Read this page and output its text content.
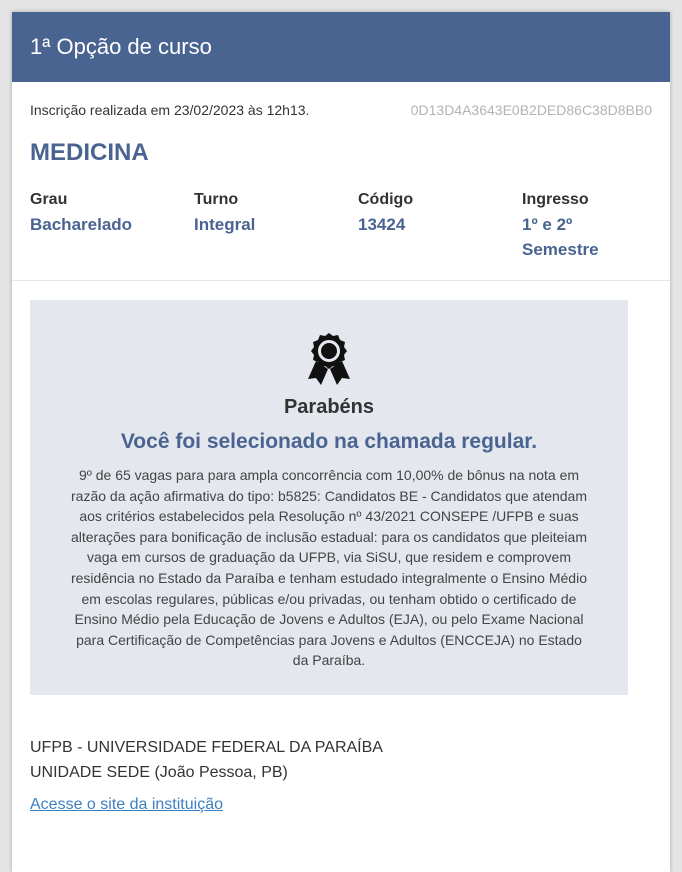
1ª Opção de curso
Inscrição realizada em 23/02/2023 às 12h13.	0D13D4A3643E0B2DED86C38D8BB0
MEDICINA
Grau
Bacharelado
Turno
Integral
Código
13424
Ingresso
1º e 2º Semestre
Parabéns
Você foi selecionado na chamada regular.
9º de 65 vagas para para ampla concorrência com 10,00% de bônus na nota em razão da ação afirmativa do tipo: b5825: Candidatos BE - Candidatos que atendam aos critérios estabelecidos pela Resolução nº 43/2021 CONSEPE /UFPB e suas alterações para bonificação de inclusão estadual: para os candidatos que pleiteiam vaga em cursos de graduação da UFPB, via SiSU, que residem e comprovem residência no Estado da Paraíba e tenham estudado integralmente o Ensino Médio em escolas regulares, públicas e/ou privadas, ou tenham obtido o certificado de Ensino Médio pela Educação de Jovens e Adultos (EJA), ou pelo Exame Nacional para Certificação de Competências para Jovens e Adultos (ENCCEJA) no Estado da Paraíba.
UFPB - UNIVERSIDADE FEDERAL DA PARAÍBA
UNIDADE SEDE (João Pessoa, PB)
Acesse o site da instituição
